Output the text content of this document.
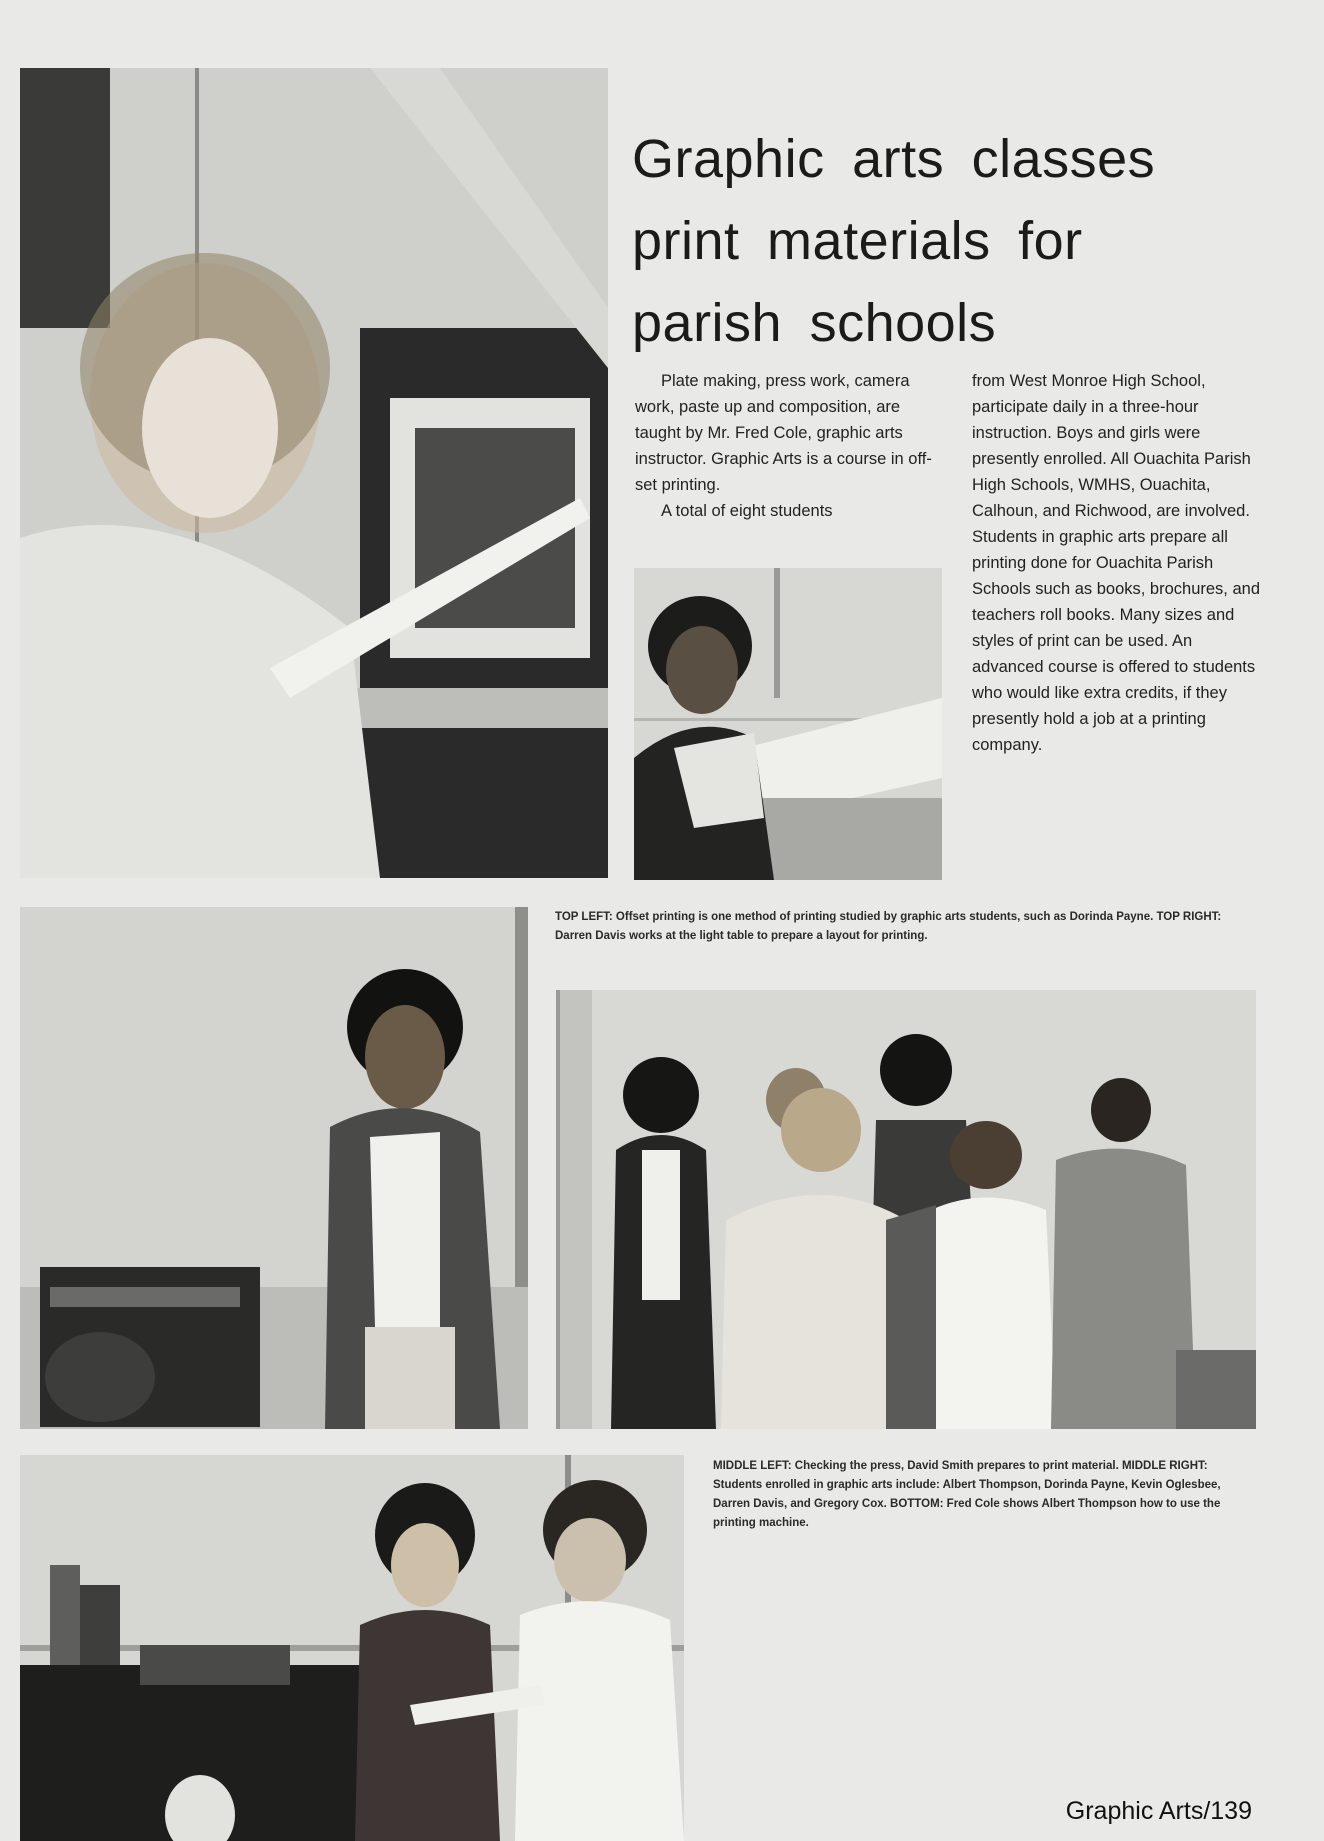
Graphic arts classes
print materials for
parish schools

Plate making, press work, camera work, paste up and composition, are taught by Mr. Fred Cole, graphic arts instructor. Graphic Arts is a course in off-set printing.

A total of eight students

from West Monroe High School, participate daily in a three-hour instruction. Boys and girls were presently enrolled. All Ouachita Parish High Schools, WMHS, Ouachita, Calhoun, and Richwood, are involved. Students in graphic arts prepare all printing done for Ouachita Parish Schools such as books, brochures, and teachers roll books. Many sizes and styles of print can be used. An advanced course is offered to students who would like extra credits, if they presently hold a job at a printing company.

TOP LEFT: Offset printing is one method of printing studied by graphic arts students, such as Dorinda Payne. TOP RIGHT: Darren Davis works at the light table to prepare a layout for printing.

MIDDLE LEFT: Checking the press, David Smith prepares to print material. MIDDLE RIGHT: Students enrolled in graphic arts include: Albert Thompson, Dorinda Payne, Kevin Oglesbee, Darren Davis, and Gregory Cox. BOTTOM: Fred Cole shows Albert Thompson how to use the printing machine.

Graphic Arts/139
